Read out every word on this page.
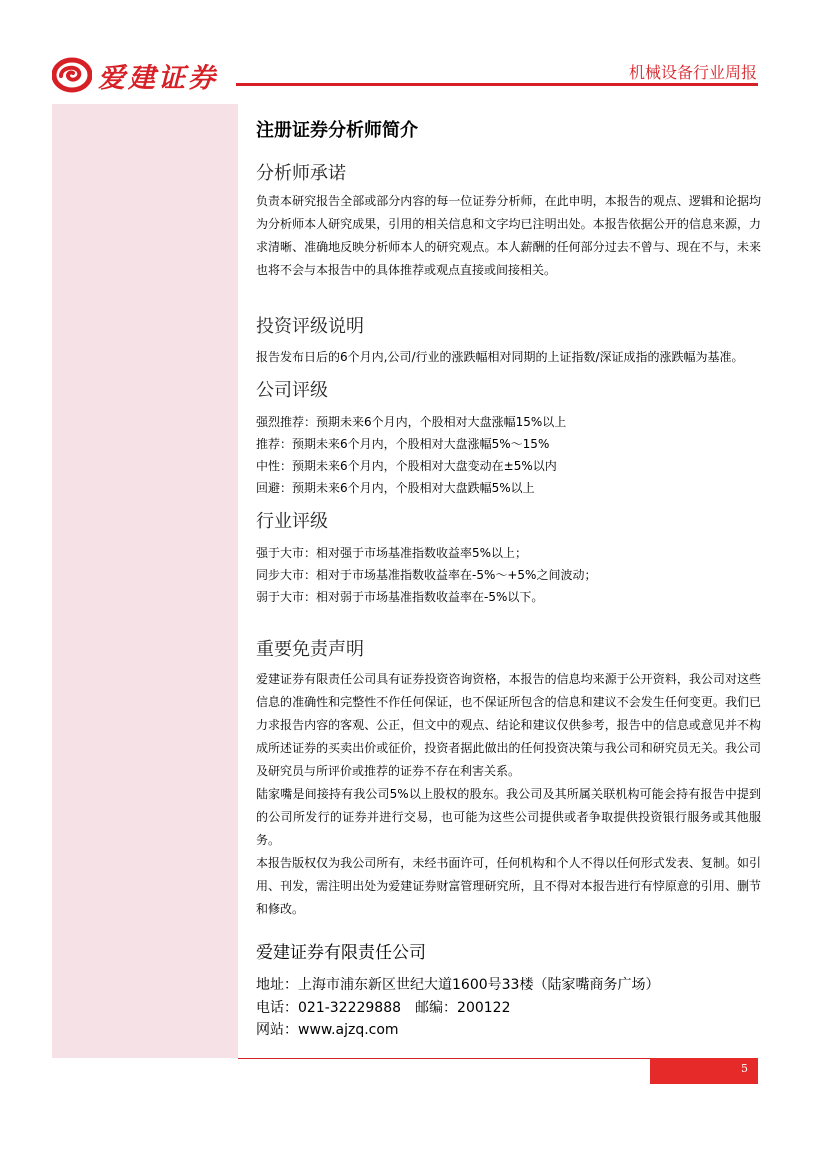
爱建证券	机械设备行业周报
注册证券分析师简介
分析师承诺
负责本研究报告全部或部分内容的每一位证券分析师，在此申明，本报告的观点、逻辑和论据均为分析师本人研究成果，引用的相关信息和文字均已注明出处。本报告依据公开的信息来源，力求清晰、准确地反映分析师本人的研究观点。本人薪酬的任何部分过去不曾与、现在不与，未来也将不会与本报告中的具体推荐或观点直接或间接相关。
投资评级说明
报告发布日后的6个月内,公司/行业的涨跌幅相对同期的上证指数/深证成指的涨跌幅为基准。
公司评级
强烈推荐：预期未来6个月内，个股相对大盘涨幅15%以上
推荐：预期未来6个月内，个股相对大盘涨幅5%～15%
中性：预期未来6个月内，个股相对大盘变动在±5%以内
回避：预期未来6个月内，个股相对大盘跌幅5%以上
行业评级
强于大市：相对强于市场基准指数收益率5%以上；
同步大市：相对于市场基准指数收益率在-5%～+5%之间波动；
弱于大市：相对弱于市场基准指数收益率在-5%以下。
重要免责声明
爱建证券有限责任公司具有证券投资咨询资格，本报告的信息均来源于公开资料，我公司对这些信息的准确性和完整性不作任何保证，也不保证所包含的信息和建议不会发生任何变更。我们已力求报告内容的客观、公正，但文中的观点、结论和建议仅供参考，报告中的信息或意见并不构成所述证券的买卖出价或征价，投资者据此做出的任何投资决策与我公司和研究员无关。我公司及研究员与所评价或推荐的证券不存在利害关系。
陆家嘴是间接持有我公司5%以上股权的股东。我公司及其所属关联机构可能会持有报告中提到的公司所发行的证券并进行交易，也可能为这些公司提供或者争取提供投资银行服务或其他服务。
本报告版权仅为我公司所有，未经书面许可，任何机构和个人不得以任何形式发表、复制。如引用、刊发，需注明出处为爱建证券财富管理研究所，且不得对本报告进行有悖原意的引用、删节和修改。
爱建证券有限责任公司
地址：上海市浦东新区世纪大道1600号33楼（陆家嘴商务广场）
电话：021-32229888　邮编：200122
网站：www.ajzq.com
5
